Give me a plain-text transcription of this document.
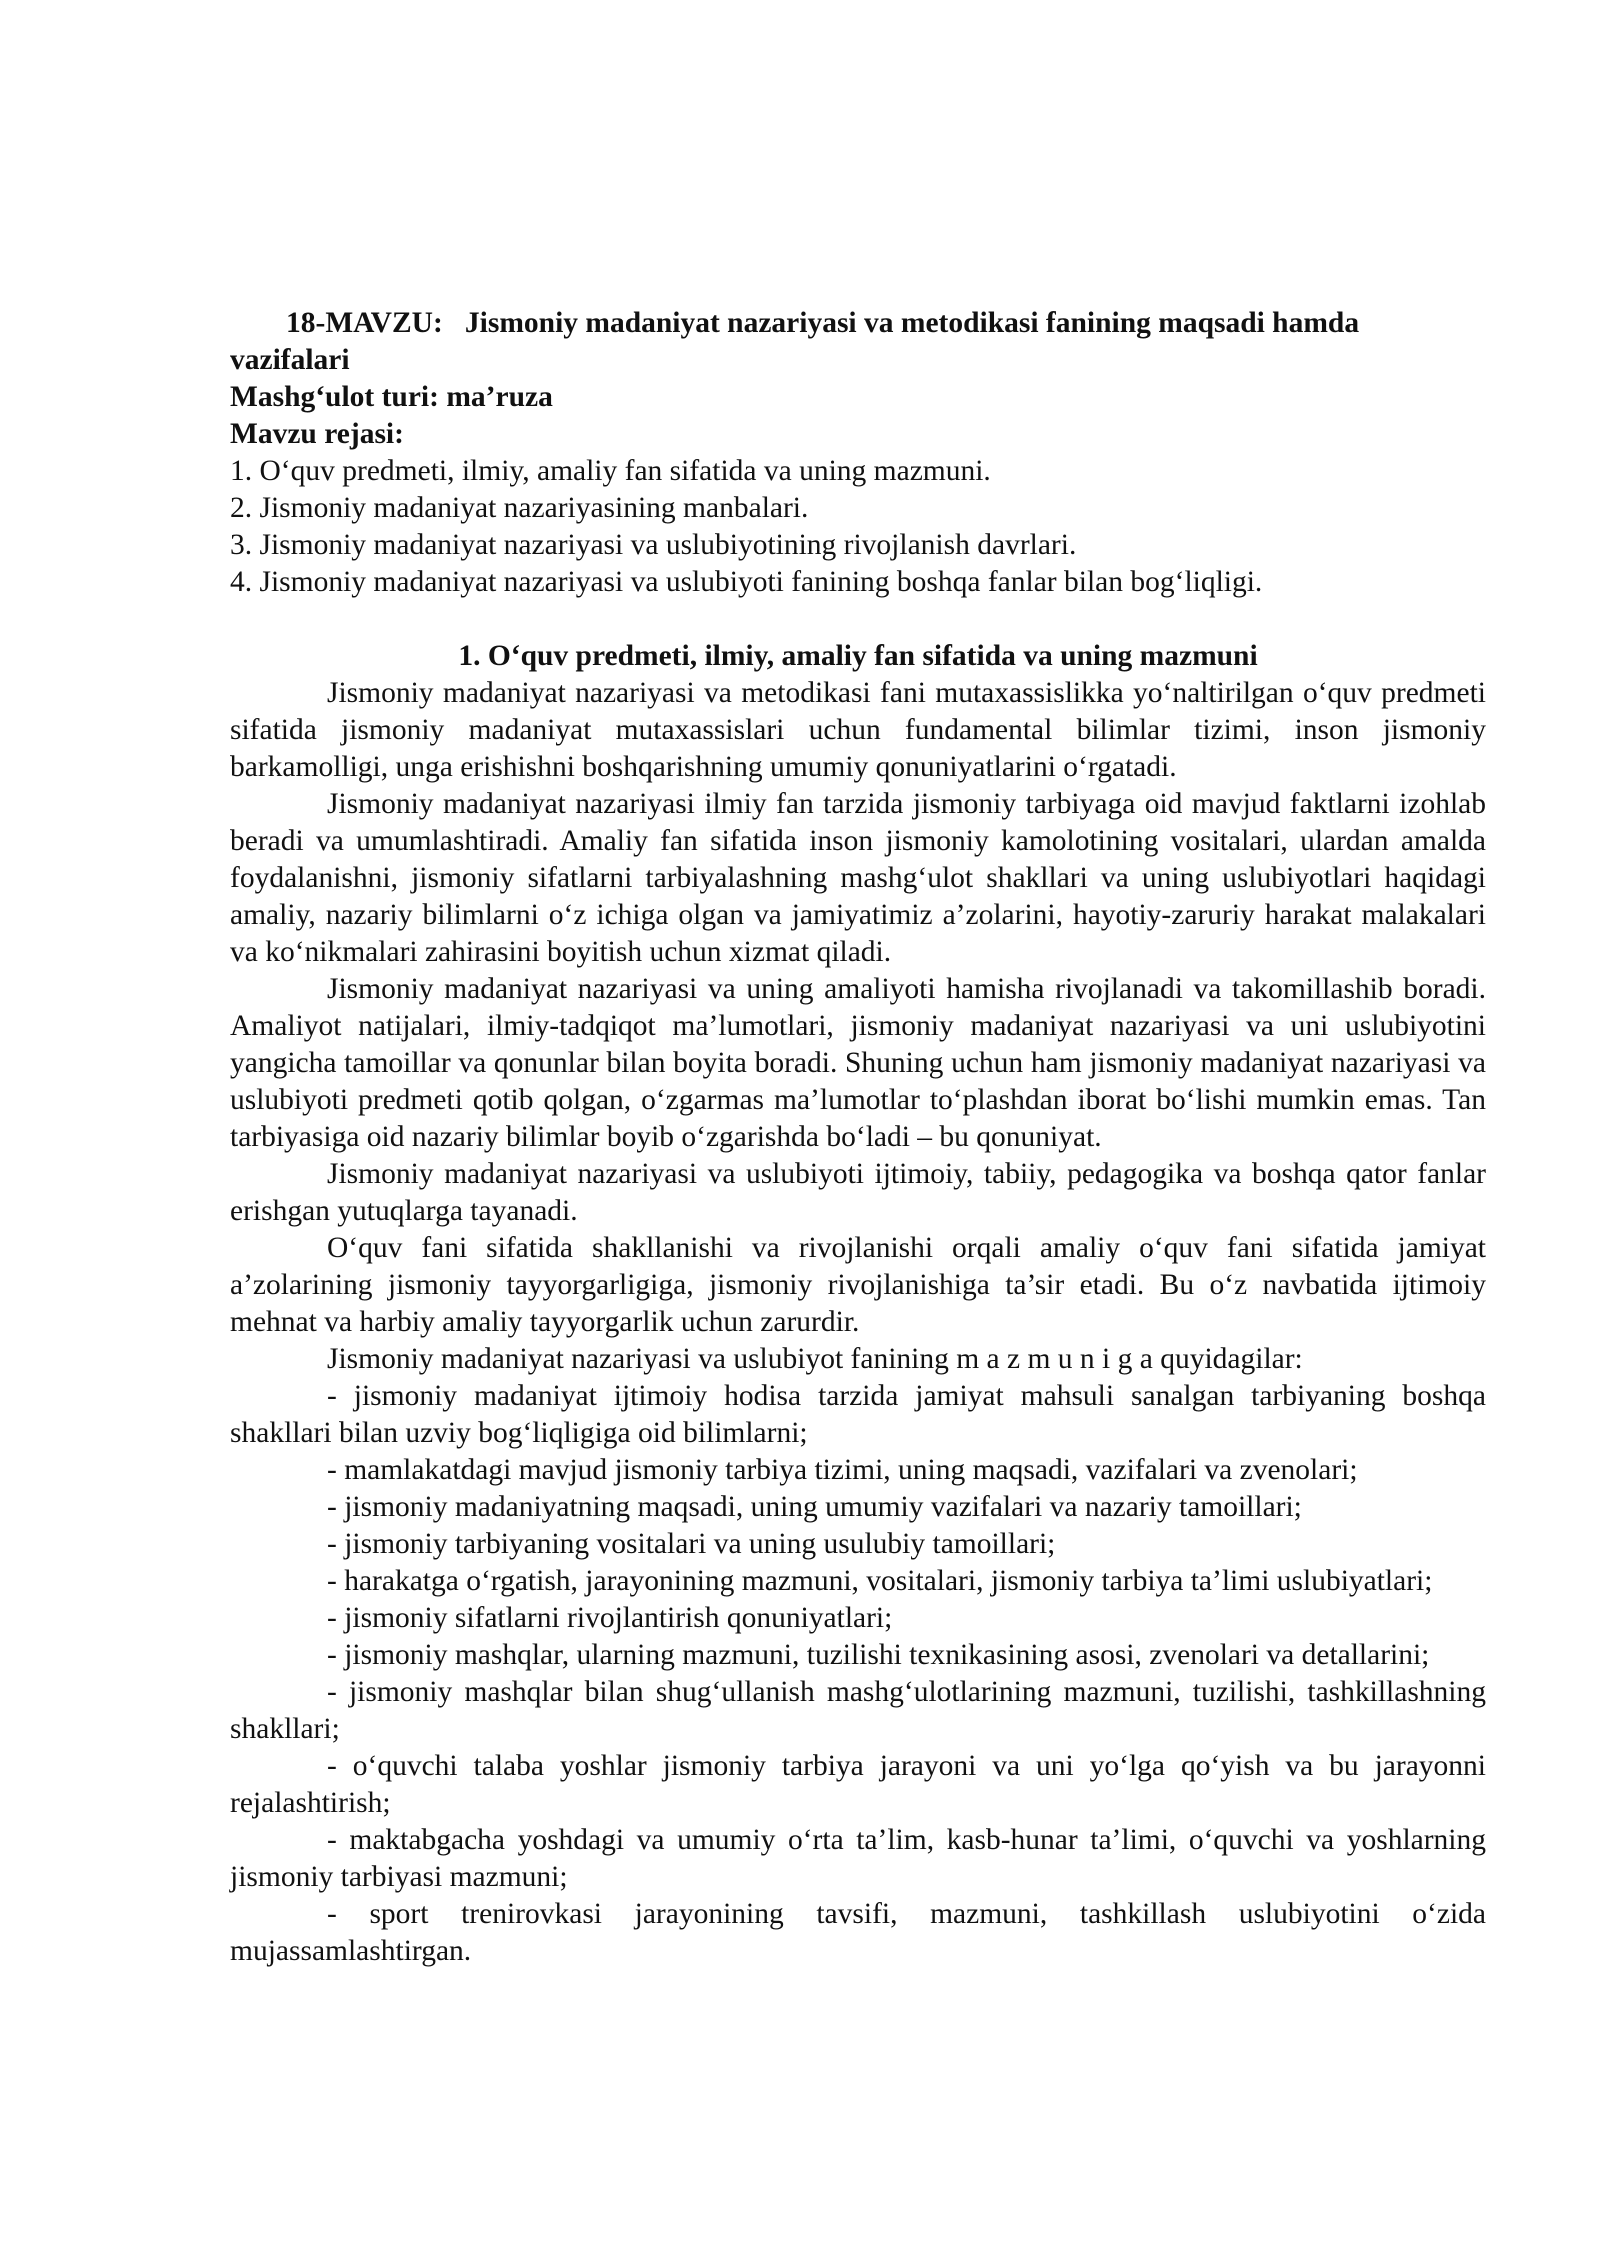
18-MAVZU: Jismoniy madaniyat nazariyasi va metodikasi fanining maqsadi hamda vazifalari

Mashg‘ulot turi: ma’ruza

Mavzu rejasi:

1. O‘quv predmeti, ilmiy, amaliy fan sifatida va uning mazmuni.

2. Jismoniy madaniyat nazariyasining manbalari.

3. Jismoniy madaniyat nazariyasi va uslubiyotining rivojlanish davrlari.

4. Jismoniy madaniyat nazariyasi va uslubiyoti fanining boshqa fanlar bilan bog‘liqligi.

1. O‘quv predmeti, ilmiy, amaliy fan sifatida va uning mazmuni

Jismoniy madaniyat nazariyasi va metodikasi fani mutaxassislikka yo‘naltirilgan o‘quv predmeti sifatida jismoniy madaniyat mutaxassislari uchun fundamental bilimlar tizimi, inson jismoniy barkamolligi, unga erishishni boshqarishning umumiy qonuniyatlarini o‘rgatadi.

Jismoniy madaniyat nazariyasi ilmiy fan tarzida jismoniy tarbiyaga oid mavjud faktlarni izohlab beradi va umumlashtiradi. Amaliy fan sifatida inson jismoniy kamolotining vositalari, ulardan amalda foydalanishni, jismoniy sifatlarni tarbiyalashning mashg‘ulot shakllari va uning uslubiyotlari haqidagi amaliy, nazariy bilimlarni o‘z ichiga olgan va jamiyatimiz a’zolarini, hayotiy-zaruriy harakat malakalari va ko‘nikmalari zahirasini boyitish uchun xizmat qiladi.

Jismoniy madaniyat nazariyasi va uning amaliyoti hamisha rivojlanadi va takomillashib boradi. Amaliyot natijalari, ilmiy-tadqiqot ma’lumotlari, jismoniy madaniyat nazariyasi va uni uslubiyotini yangicha tamoillar va qonunlar bilan boyita boradi. Shuning uchun ham jismoniy madaniyat nazariyasi va uslubiyoti predmeti qotib qolgan, o‘zgarmas ma’lumotlar to‘plashdan iborat bo‘lishi mumkin emas. Tan tarbiyasiga oid nazariy bilimlar boyib o‘zgarishda bo‘ladi – bu qonuniyat.

Jismoniy madaniyat nazariyasi va uslubiyoti ijtimoiy, tabiiy, pedagogika va boshqa qator fanlar erishgan yutuqlarga tayanadi.

O‘quv fani sifatida shakllanishi va rivojlanishi orqali amaliy o‘quv fani sifatida jamiyat a’zolarining jismoniy tayyorgarligiga, jismoniy rivojlanishiga ta’sir etadi. Bu o‘z navbatida ijtimoiy mehnat va harbiy amaliy tayyorgarlik uchun zarurdir.

Jismoniy madaniyat nazariyasi va uslubiyot fanining m a z m u n i g a quyidagilar:

- jismoniy madaniyat ijtimoiy hodisa tarzida jamiyat mahsuli sanalgan tarbiyaning boshqa shakllari bilan uzviy bog‘liqligiga oid bilimlarni;

- mamlakatdagi mavjud jismoniy tarbiya tizimi, uning maqsadi, vazifalari va zvenolari;

- jismoniy madaniyatning maqsadi, uning umumiy vazifalari va nazariy tamoillari;

- jismoniy tarbiyaning vositalari va uning usulubiy tamoillari;

- harakatga o‘rgatish, jarayonining mazmuni, vositalari, jismoniy tarbiya ta’limi uslubiyatlari;

- jismoniy sifatlarni rivojlantirish qonuniyatlari;

- jismoniy mashqlar, ularning mazmuni, tuzilishi texnikasining asosi, zvenolari va detallarini;

- jismoniy mashqlar bilan shug‘ullanish mashg‘ulotlarining mazmuni, tuzilishi, tashkillashning shakllari;

- o‘quvchi talaba yoshlar jismoniy tarbiya jarayoni va uni yo‘lga qo‘yish va bu jarayonni rejalashtirish;

- maktabgacha yoshdagi va umumiy o‘rta ta’lim, kasb-hunar ta’limi, o‘quvchi va yoshlarning jismoniy tarbiyasi mazmuni;

- sport trenirovkasi jarayonining tavsifi, mazmuni, tashkillash uslubiyotini o‘zida mujassamlashtirgan.
